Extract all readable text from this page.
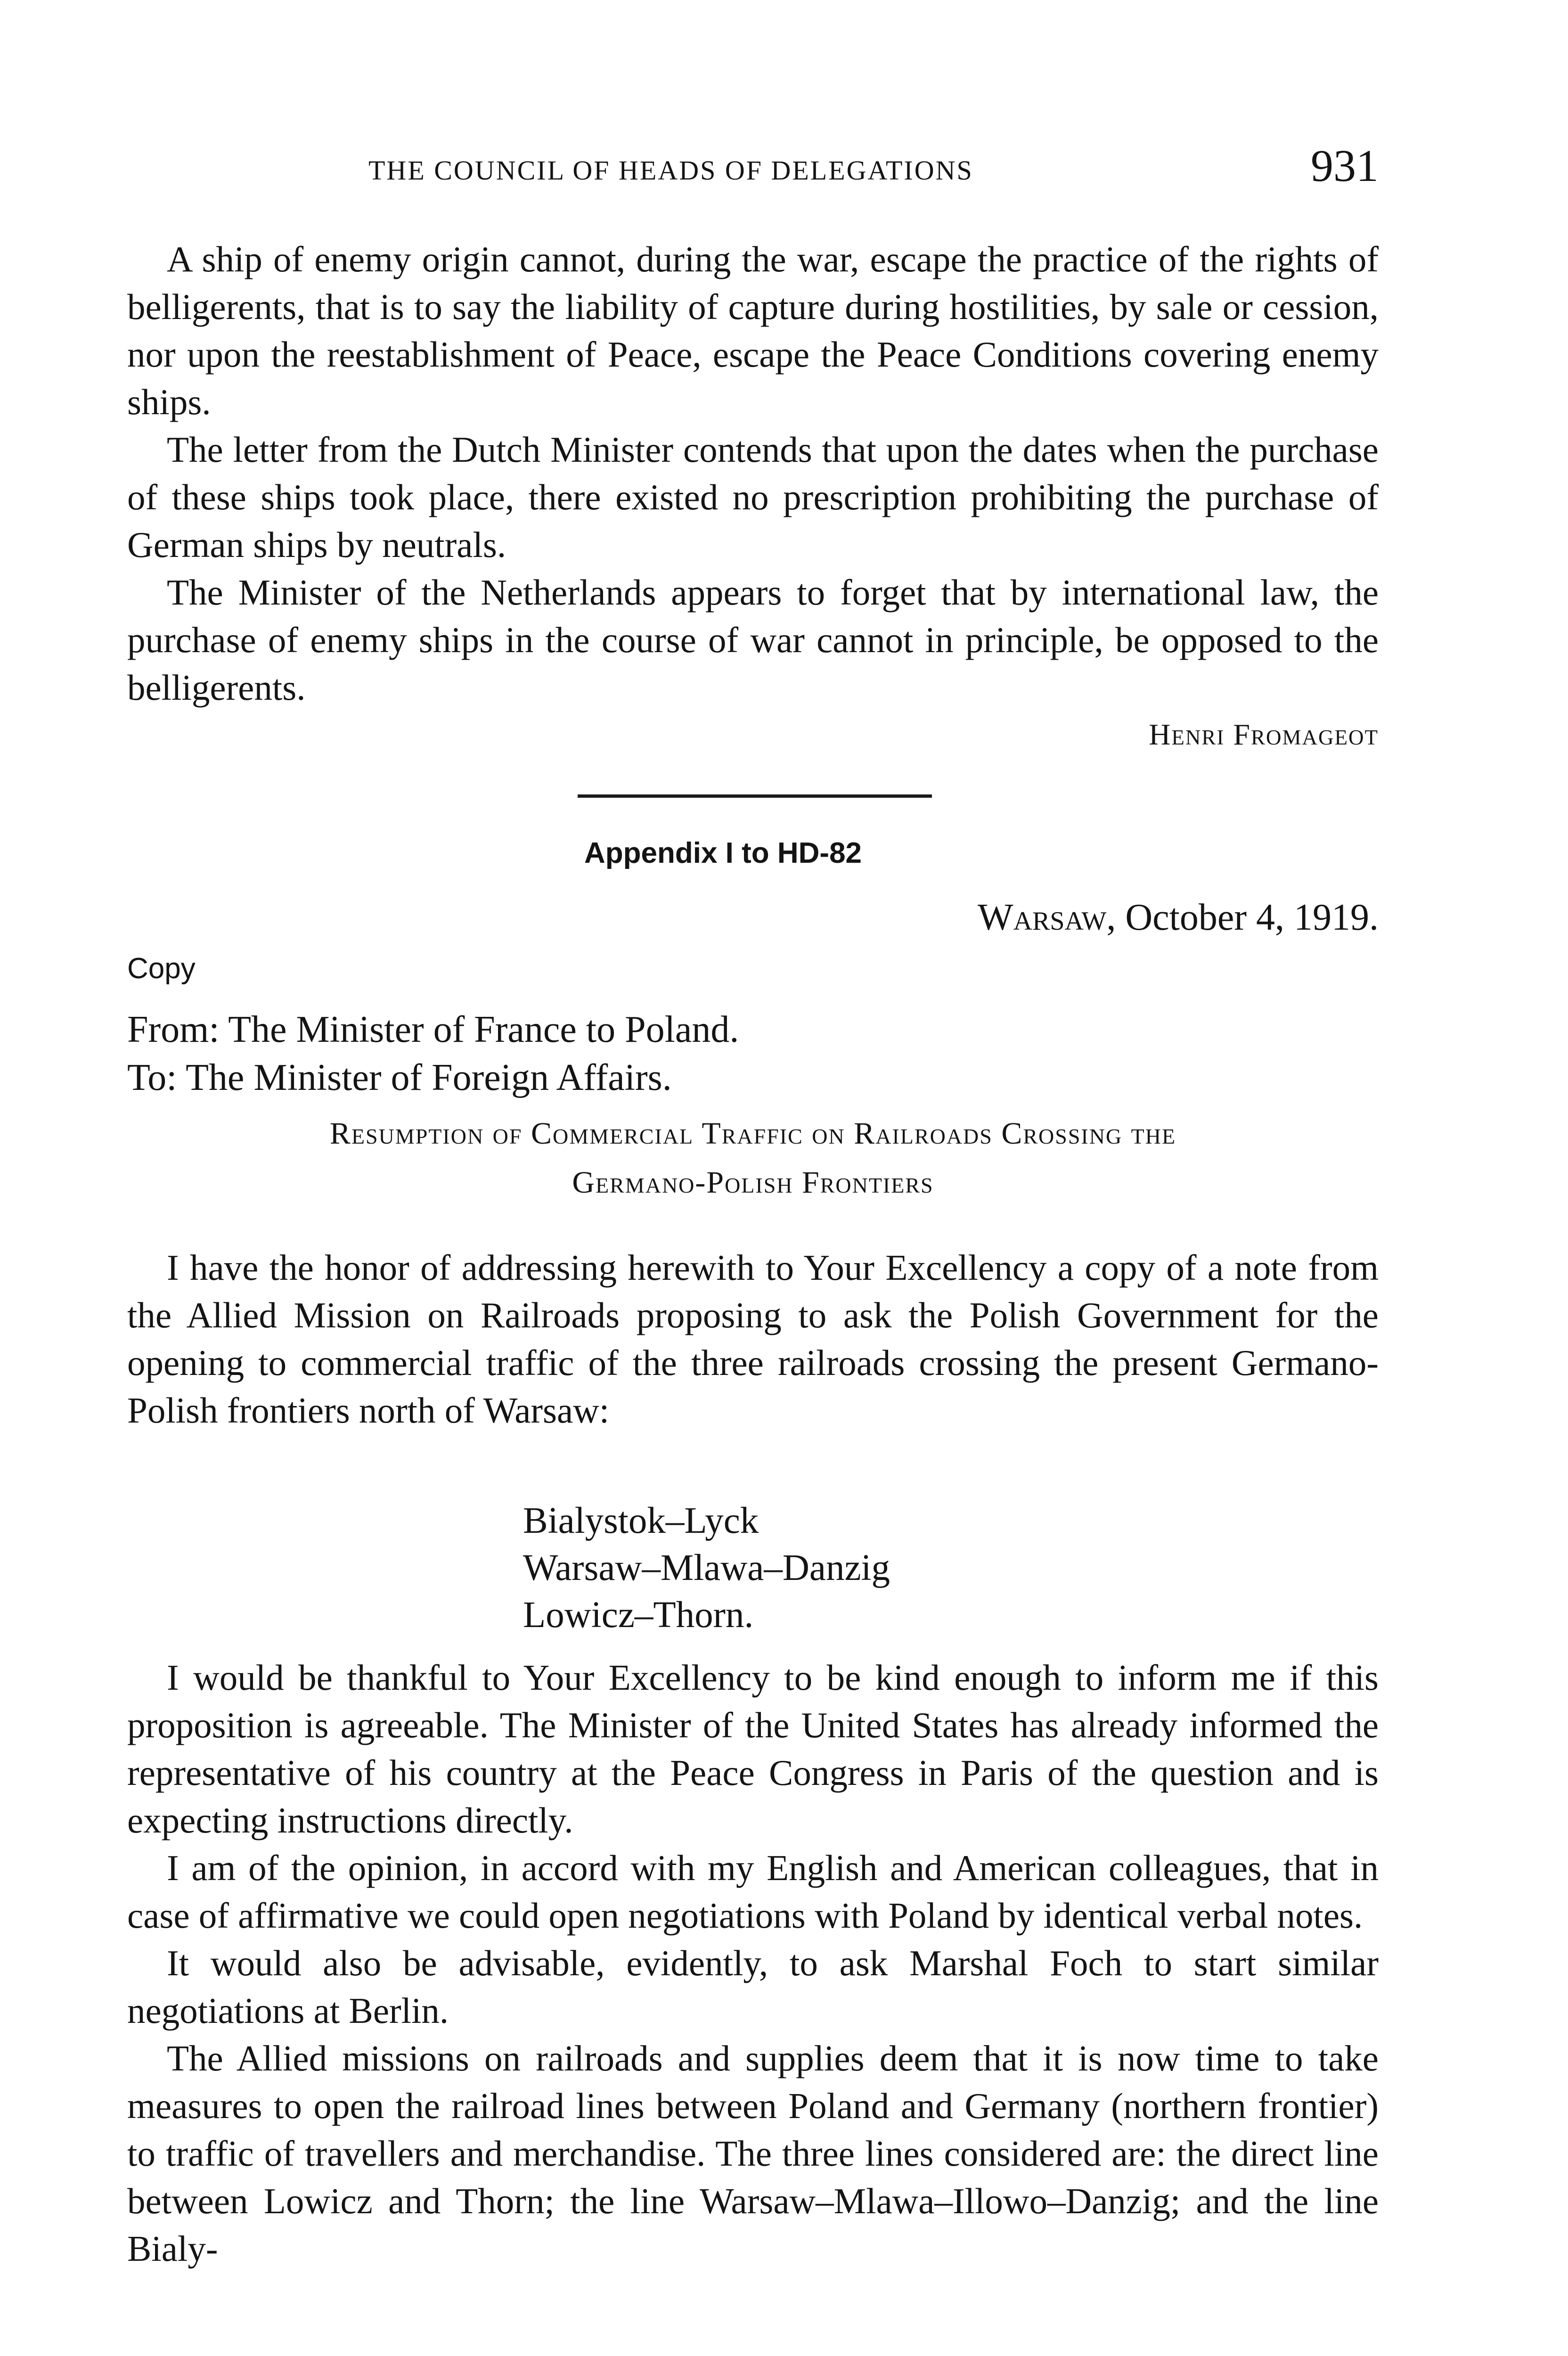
THE COUNCIL OF HEADS OF DELEGATIONS	931

A ship of enemy origin cannot, during the war, escape the practice of the rights of belligerents, that is to say the liability of capture during hostilities, by sale or cession, nor upon the reestablishment of Peace, escape the Peace Conditions covering enemy ships.

The letter from the Dutch Minister contends that upon the dates when the purchase of these ships took place, there existed no prescription prohibiting the purchase of German ships by neutrals.

The Minister of the Netherlands appears to forget that by international law, the purchase of enemy ships in the course of war cannot in principle, be opposed to the belligerents.

Henri Fromageot
Appendix I to HD-82
Warsaw, October 4, 1919.
Copy
From: The Minister of France to Poland.
To: The Minister of Foreign Affairs.
Resumption of Commercial Traffic on Railroads Crossing the
Germano-Polish Frontiers

I have the honor of addressing herewith to Your Excellency a copy of a note from the Allied Mission on Railroads proposing to ask the Polish Government for the opening to commercial traffic of the three railroads crossing the present Germano-Polish frontiers north of Warsaw:

Bialystok–Lyck
Warsaw–Mlawa–Danzig
Lowicz–Thorn.

I would be thankful to Your Excellency to be kind enough to inform me if this proposition is agreeable. The Minister of the United States has already informed the representative of his country at the Peace Congress in Paris of the question and is expecting instructions directly.

I am of the opinion, in accord with my English and American colleagues, that in case of affirmative we could open negotiations with Poland by identical verbal notes.

It would also be advisable, evidently, to ask Marshal Foch to start similar negotiations at Berlin.

The Allied missions on railroads and supplies deem that it is now time to take measures to open the railroad lines between Poland and Germany (northern frontier) to traffic of travellers and merchandise. The three lines considered are: the direct line between Lowicz and Thorn; the line Warsaw–Mlawa–Illowo–Danzig; and the line Bialy-
